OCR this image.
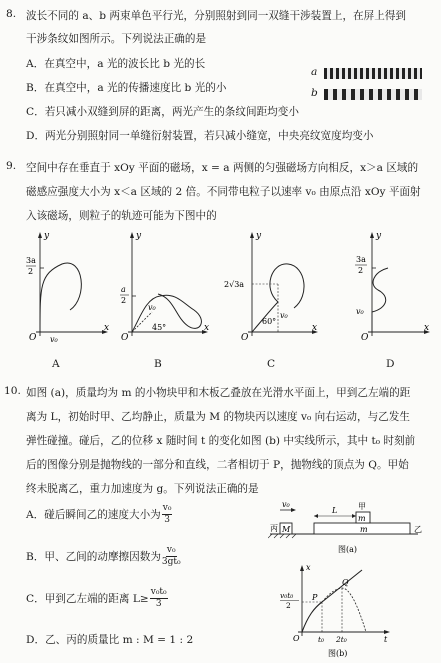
8. 波长不同的 a、b 两束单色平行光，分别照射到同一双缝干涉装置上，在屏上得到
干涉条纹如图所示。下列说法正确的是
A．在真空中，a 光的波长比 b 光的长
B．在真空中，a 光的传播速度比 b 光的小
C．若只减小双缝到屏的距离，两光产生的条纹间距均变小
D．两光分别照射同一单缝衍射装置，若只减小缝宽，中央亮纹宽度均变小
a
b
9. 空间中存在垂直于 xOy 平面的磁场，x = a 两侧的匀强磁场方向相反，x＞a 区域的
磁感应强度大小为 x＜a 区域的 2 倍。不同带电粒子以速率 v₀ 由原点沿 xOy 平面射
入该磁场，则粒子的轨迹可能为下图中的
y
x
O
3a
2
v₀
A
y
x
O
a
2
v₀
45°
B
y
x
O
2√3a
60°
v₀
C
y
x
O
3a
2
v₀
D
10. 如图 (a)，质量均为 m 的小物块甲和木板乙叠放在光滑水平面上，甲到乙左端的距
离为 L，初始时甲、乙均静止，质量为 M 的物块丙以速度 v₀ 向右运动，与乙发生
弹性碰撞。碰后，乙的位移 x 随时间 t 的变化如图 (b) 中实线所示，其中 t₀ 时刻前
后的图像分别是抛物线的一部分和直线，二者相切于 P，抛物线的顶点为 Q。甲始
终未脱离乙，重力加速度为 g。下列说法正确的是
A．碰后瞬间乙的速度大小为 $\frac{\text{v₀}}{3}$
B．甲、乙间的动摩擦因数为 $\frac{\text{v₀}}{\text{3gt₀}}$
C．甲到乙左端的距离 $L\ge \frac{\text{v₀t₀}}{3}$
D．乙、丙的质量比 m : M = 1 : 2
v₀
丙 M
m
甲
L
m	乙
图(a)
x
t
O
P
Q
v₀t₀
2
t₀ 2t₀
图(b)
